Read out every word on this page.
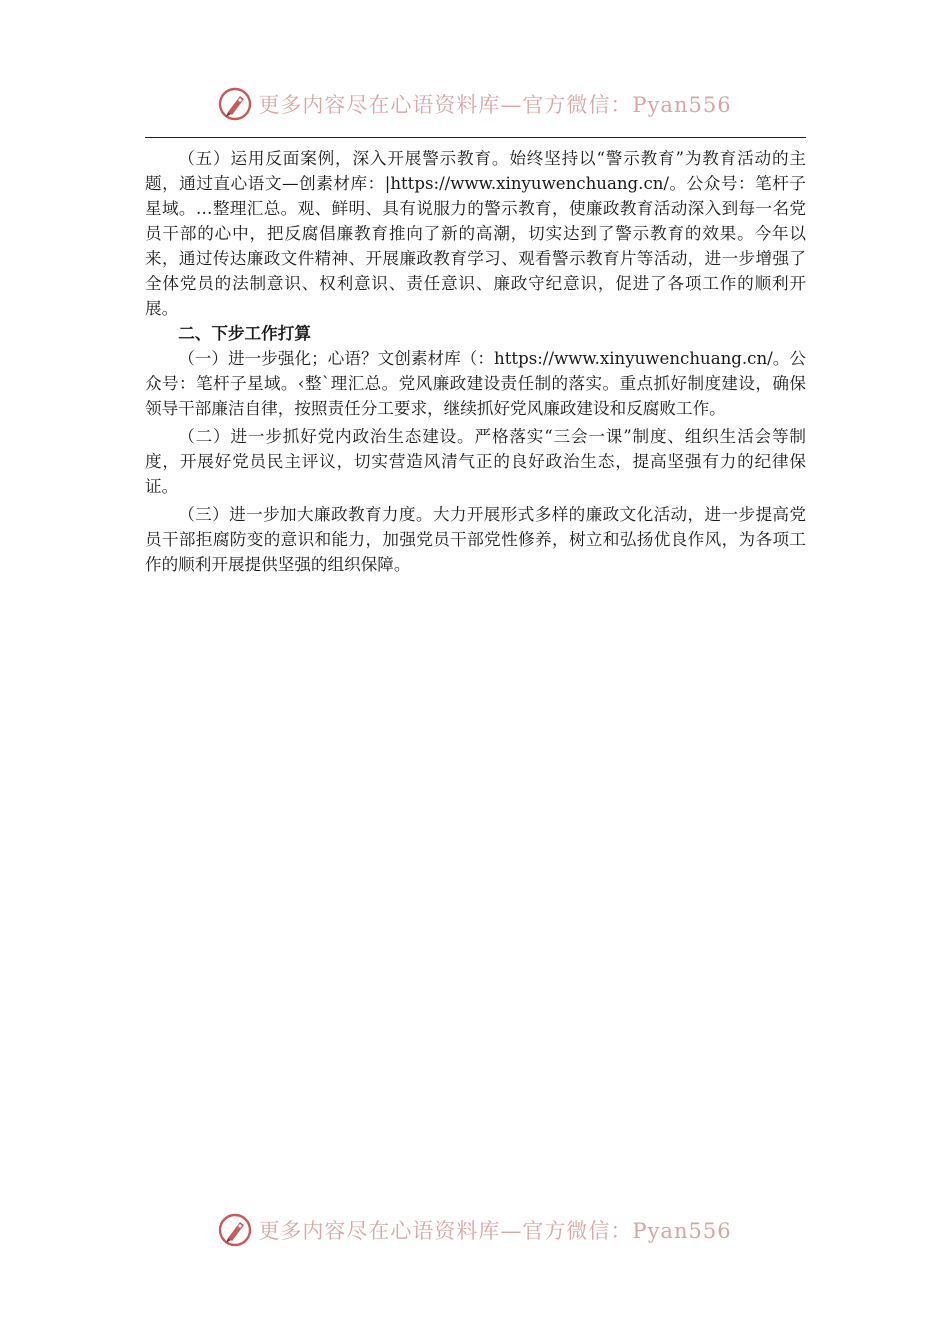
更多内容尽在心语资料库—官方微信：Pyan556

（五）运用反面案例，深入开展警示教育。始终坚持以“警示教育”为教育活动的主题，通过直心语文—创素材库：|https://www.xinyuwenchuang.cn/。公众号：笔杆子星域。…整理汇总。观、鲜明、具有说服力的警示教育，使廉政教育活动深入到每一名党员干部的心中，把反腐倡廉教育推向了新的高潮，切实达到了警示教育的效果。今年以来，通过传达廉政文件精神、开展廉政教育学习、观看警示教育片等活动，进一步增强了全体党员的法制意识、权利意识、责任意识、廉政守纪意识，促进了各项工作的顺利开展。

二、下步工作打算

（一）进一步强化；心语？文创素材库（：https://www.xinyuwenchuang.cn/。公众号：笔杆子星域。‹整`理汇总。党风廉政建设责任制的落实。重点抓好制度建设，确保领导干部廉洁自律，按照责任分工要求，继续抓好党风廉政建设和反腐败工作。

（二）进一步抓好党内政治生态建设。严格落实“三会一课”制度、组织生活会等制度，开展好党员民主评议，切实营造风清气正的良好政治生态，提高坚强有力的纪律保证。

（三）进一步加大廉政教育力度。大力开展形式多样的廉政文化活动，进一步提高党员干部拒腐防变的意识和能力，加强党员干部党性修养，树立和弘扬优良作风，为各项工作的顺利开展提供坚强的组织保障。

更多内容尽在心语资料库—官方微信：Pyan556
